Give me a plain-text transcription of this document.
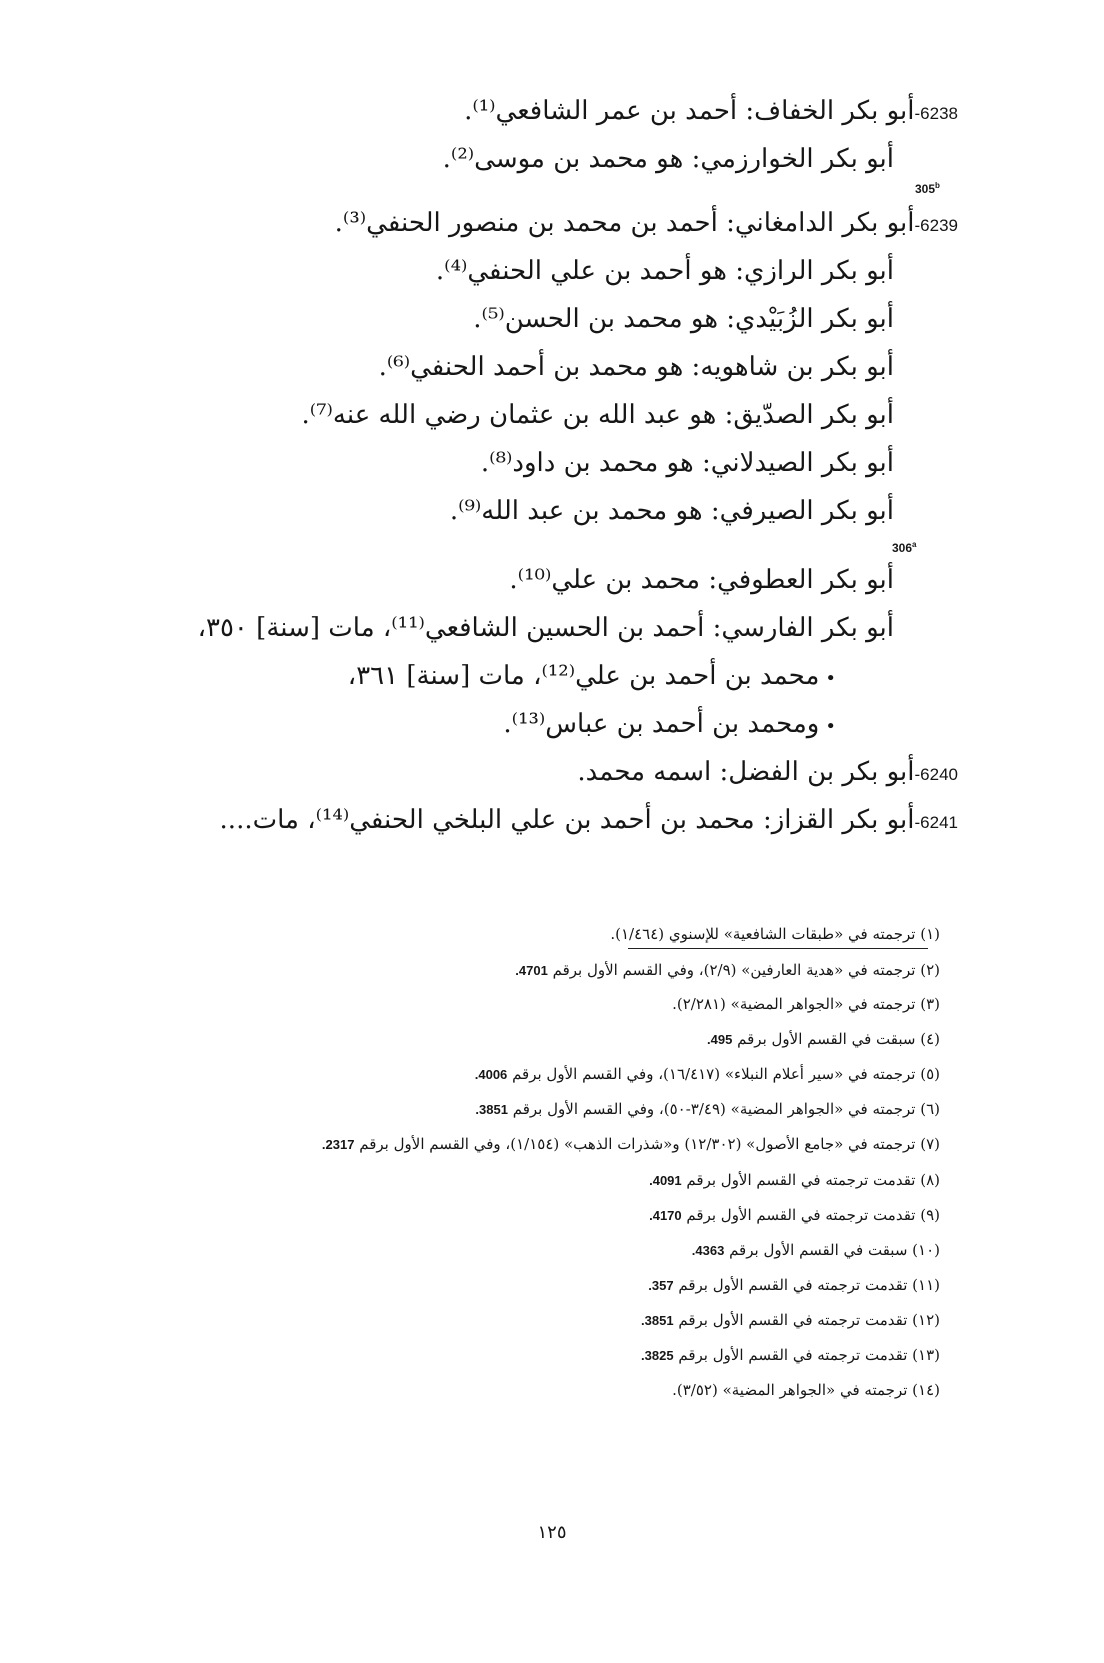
6238-أبو بكر الخفاف: أحمد بن عمر الشافعي⁽¹⁾.
أبو بكر الخوارزمي: هو محمد بن موسى⁽²⁾.
305$^b$
6239-أبو بكر الدامغاني: أحمد بن محمد بن منصور الحنفي⁽³⁾.
أبو بكر الرازي: هو أحمد بن علي الحنفي⁽⁴⁾.
أبو بكر الزُبَيْدي: هو محمد بن الحسن⁽⁵⁾.
أبو بكر بن شاهويه: هو محمد بن أحمد الحنفي⁽⁶⁾.
أبو بكر الصدّيق: هو عبد الله بن عثمان رضي الله عنه⁽⁷⁾.
أبو بكر الصيدلاني: هو محمد بن داود⁽⁸⁾.
أبو بكر الصيرفي: هو محمد بن عبد الله⁽⁹⁾.
306$^a$
أبو بكر العطوفي: محمد بن علي⁽¹⁰⁾.
أبو بكر الفارسي: أحمد بن الحسين الشافعي⁽¹¹⁾، مات [سنة] ٣٥٠،
•محمد بن أحمد بن علي⁽¹²⁾، مات [سنة] ٣٦١،
•ومحمد بن أحمد بن عباس⁽¹³⁾.
6240-أبو بكر بن الفضل: اسمه محمد.
6241-أبو بكر القزاز: محمد بن أحمد بن علي البلخي الحنفي⁽¹⁴⁾، مات....
(١) ترجمته في «طبقات الشافعية» للإسنوي (١/٤٦٤).
(٢) ترجمته في «هدية العارفين» (٢/٩)، وفي القسم الأول برقم 4701.
(٣) ترجمته في «الجواهر المضية» (٢/٢٨١).
(٤) سبقت في القسم الأول برقم 495.
(٥) ترجمته في «سير أعلام النبلاء» (١٦/٤١٧)، وفي القسم الأول برقم 4006.
(٦) ترجمته في «الجواهر المضية» (٣/٤٩-٥٠)، وفي القسم الأول برقم 3851.
(٧) ترجمته في «جامع الأصول» (١٢/٣٠٢) و«شذرات الذهب» (١/١٥٤)، وفي القسم الأول برقم 2317.
(٨) تقدمت ترجمته في القسم الأول برقم 4091.
(٩) تقدمت ترجمته في القسم الأول برقم 4170.
(١٠) سبقت في القسم الأول برقم 4363.
(١١) تقدمت ترجمته في القسم الأول برقم 357.
(١٢) تقدمت ترجمته في القسم الأول برقم 3851.
(١٣) تقدمت ترجمته في القسم الأول برقم 3825.
(١٤) ترجمته في «الجواهر المضية» (٣/٥٢).
١٢٥
